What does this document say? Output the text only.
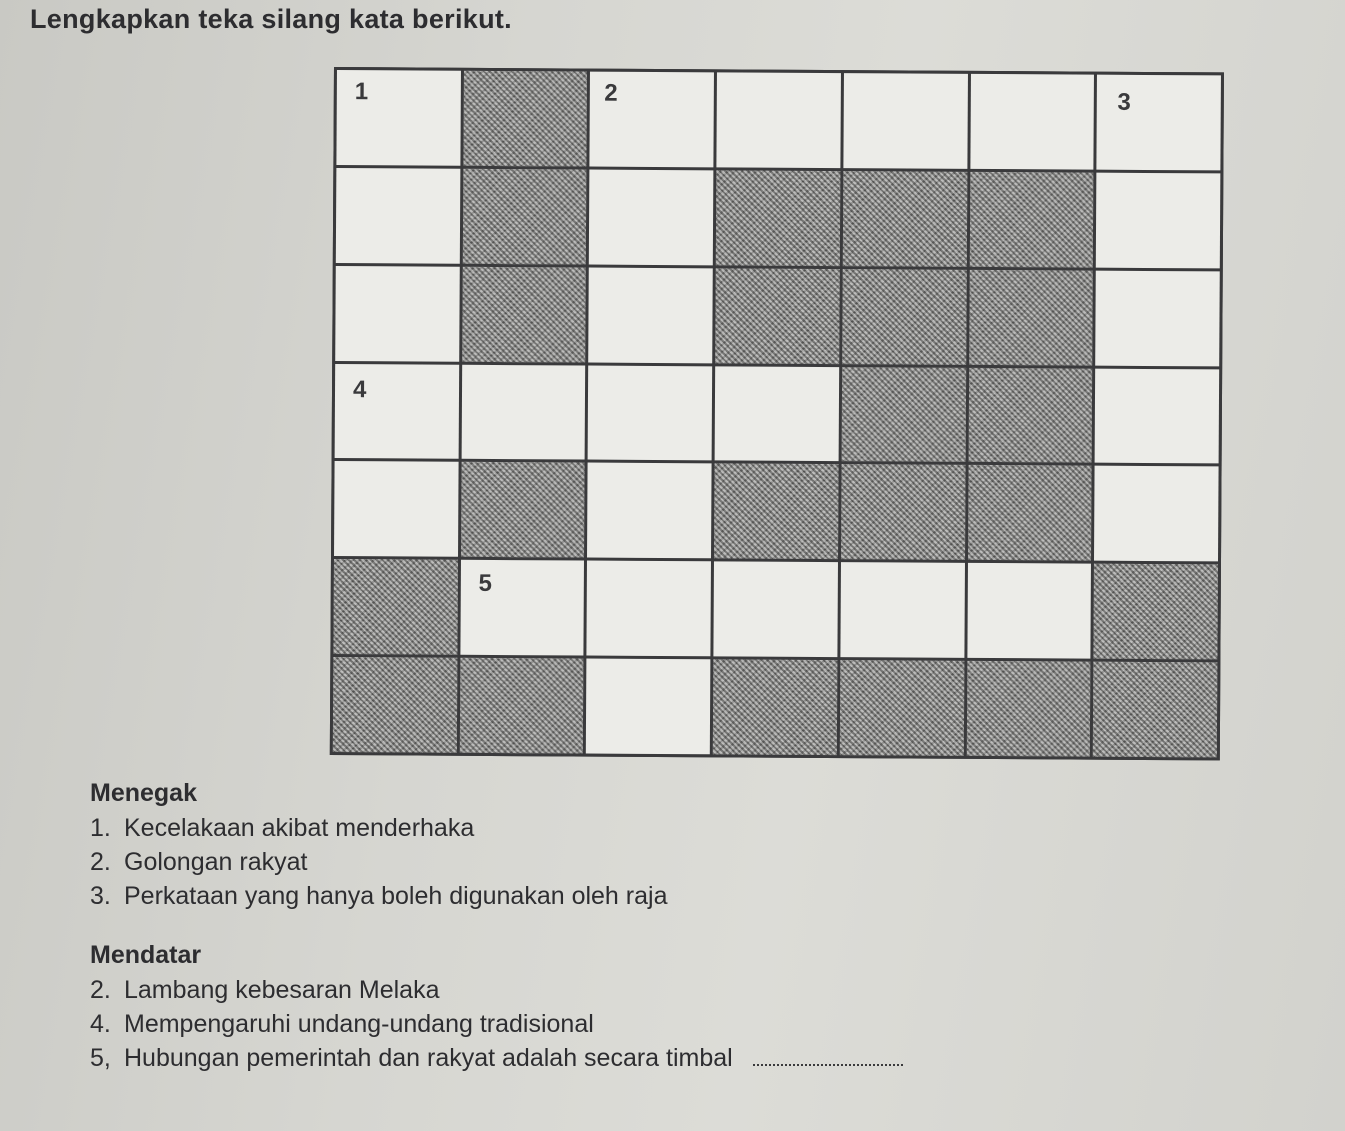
Lengkapkan teka silang kata berikut.
1	2	3
4
5
Menegak
1. Kecelakaan akibat menderhaka
2. Golongan rakyat
3. Perkataan yang hanya boleh digunakan oleh raja
Mendatar
2. Lambang kebesaran Melaka
4. Mempengaruhi undang-undang tradisional
5, Hubungan pemerintah dan rakyat adalah secara timbal
